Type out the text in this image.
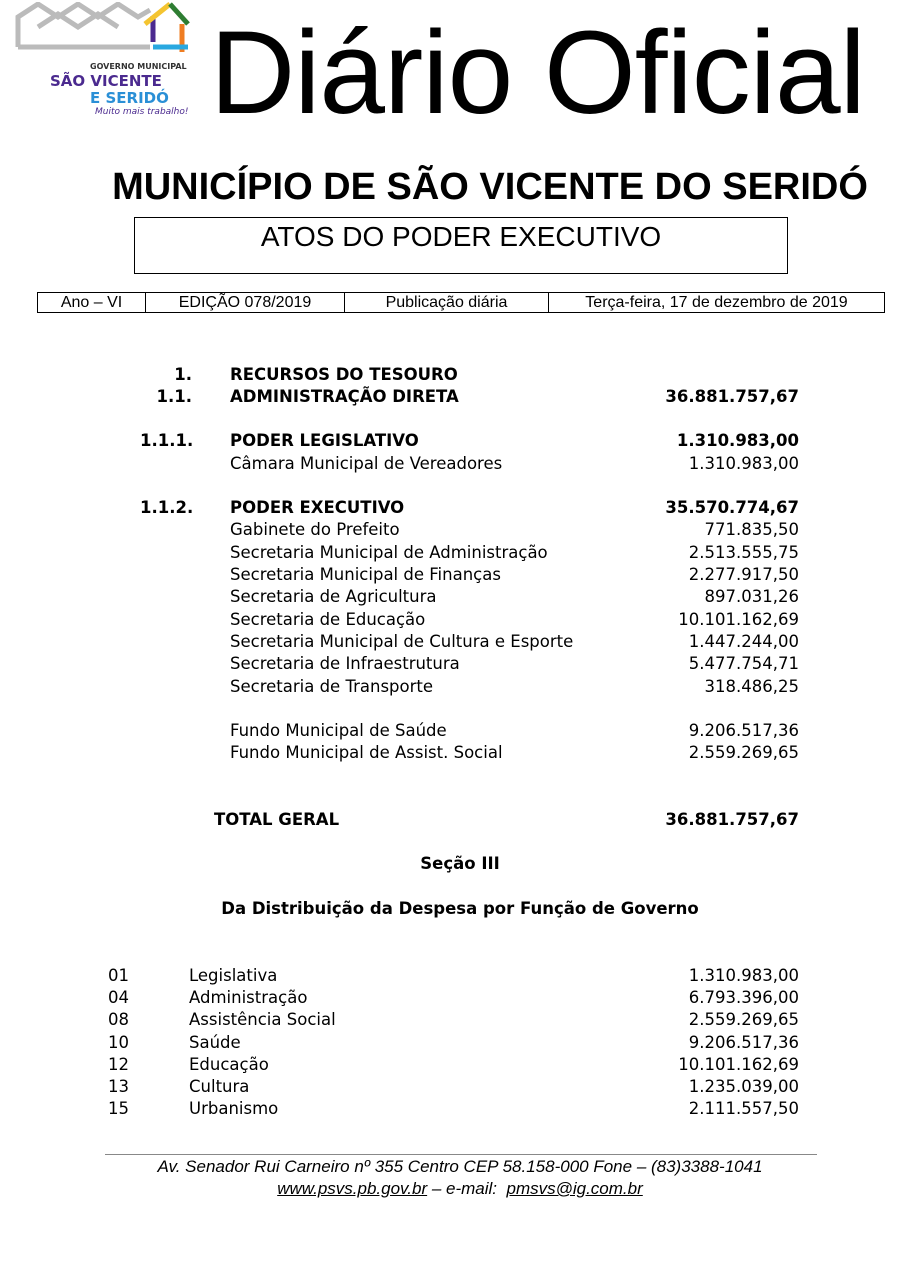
GOVERNO MUNICIPAL
SÃO VICENTE
E SERIDÓ
Muito mais trabalho! Diário Oficial
MUNICÍPIO DE SÃO VICENTE DO SERIDÓ
ATOS DO PODER EXECUTIVO
Ano – VI	EDIÇÃO 078/2019	Publicação diária	Terça-feira, 17 de dezembro de 2019
1. RECURSOS DO TESOURO
1.1. ADMINISTRAÇÃO DIRETA	36.881.757,67
1.1.1. PODER LEGISLATIVO	1.310.983,00
Câmara Municipal de Vereadores	1.310.983,00
1.1.2. PODER EXECUTIVO	35.570.774,67
Gabinete do Prefeito	771.835,50
Secretaria Municipal de Administração	2.513.555,75
Secretaria Municipal de Finanças	2.277.917,50
Secretaria de Agricultura	897.031,26
Secretaria de Educação	10.101.162,69
Secretaria Municipal de Cultura e Esporte	1.447.244,00
Secretaria de Infraestrutura	5.477.754,71
Secretaria de Transporte	318.486,25
Fundo Municipal de Saúde	9.206.517,36
Fundo Municipal de Assist. Social	2.559.269,65
TOTAL GERAL	36.881.757,67
Seção III
Da Distribuição da Despesa por Função de Governo
01	Legislativa	1.310.983,00
04	Administração	6.793.396,00
08	Assistência Social	2.559.269,65
10	Saúde	9.206.517,36
12	Educação	10.101.162,69
13	Cultura	1.235.039,00
15	Urbanismo	2.111.557,50
Av. Senador Rui Carneiro nº 355 Centro CEP 58.158-000 Fone – (83)3388-1041
www.psvs.pb.gov.br – e-mail:  pmsvs@ig.com.br
